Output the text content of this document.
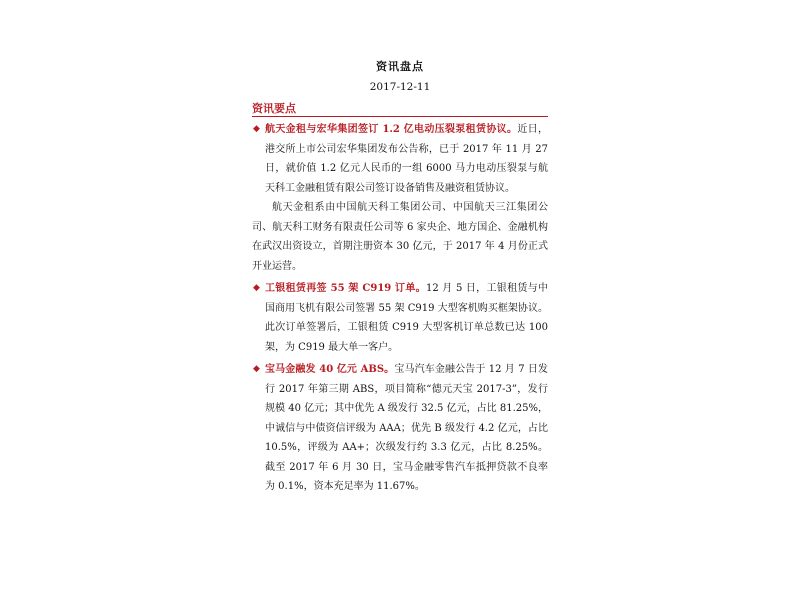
资讯盘点
2017-12-11
资讯要点
◆ 航天金租与宏华集团签订 1.2 亿电动压裂泵租赁协议。近日，港交所上市公司宏华集团发布公告称，已于 2017 年 11 月 27 日，就价值 1.2 亿元人民币的一组 6000 马力电动压裂泵与航天科工金融租赁有限公司签订设备销售及融资租赁协议。

航天金租系由中国航天科工集团公司、中国航天三江集团公司、航天科工财务有限责任公司等 6 家央企、地方国企、金融机构在武汉出资设立，首期注册资本 30 亿元，于 2017 年 4 月份正式开业运营。

◆ 工银租赁再签 55 架 C919 订单。12 月 5 日，工银租赁与中国商用飞机有限公司签署 55 架 C919 大型客机购买框架协议。此次订单签署后，工银租赁 C919 大型客机订单总数已达 100 架，为 C919 最大单一客户。

◆ 宝马金融发 40 亿元 ABS。宝马汽车金融公告于 12 月 7 日发行 2017 年第三期 ABS，项目简称“德元天宝 2017-3”，发行规模 40 亿元；其中优先 A 级发行 32.5 亿元，占比 81.25%，中诚信与中债资信评级为 AAA；优先 B 级发行 4.2 亿元，占比 10.5%，评级为 AA+；次级发行约 3.3 亿元，占比 8.25%。截至 2017 年 6 月 30 日，宝马金融零售汽车抵押贷款不良率为 0.1%，资本充足率为 11.67%。
